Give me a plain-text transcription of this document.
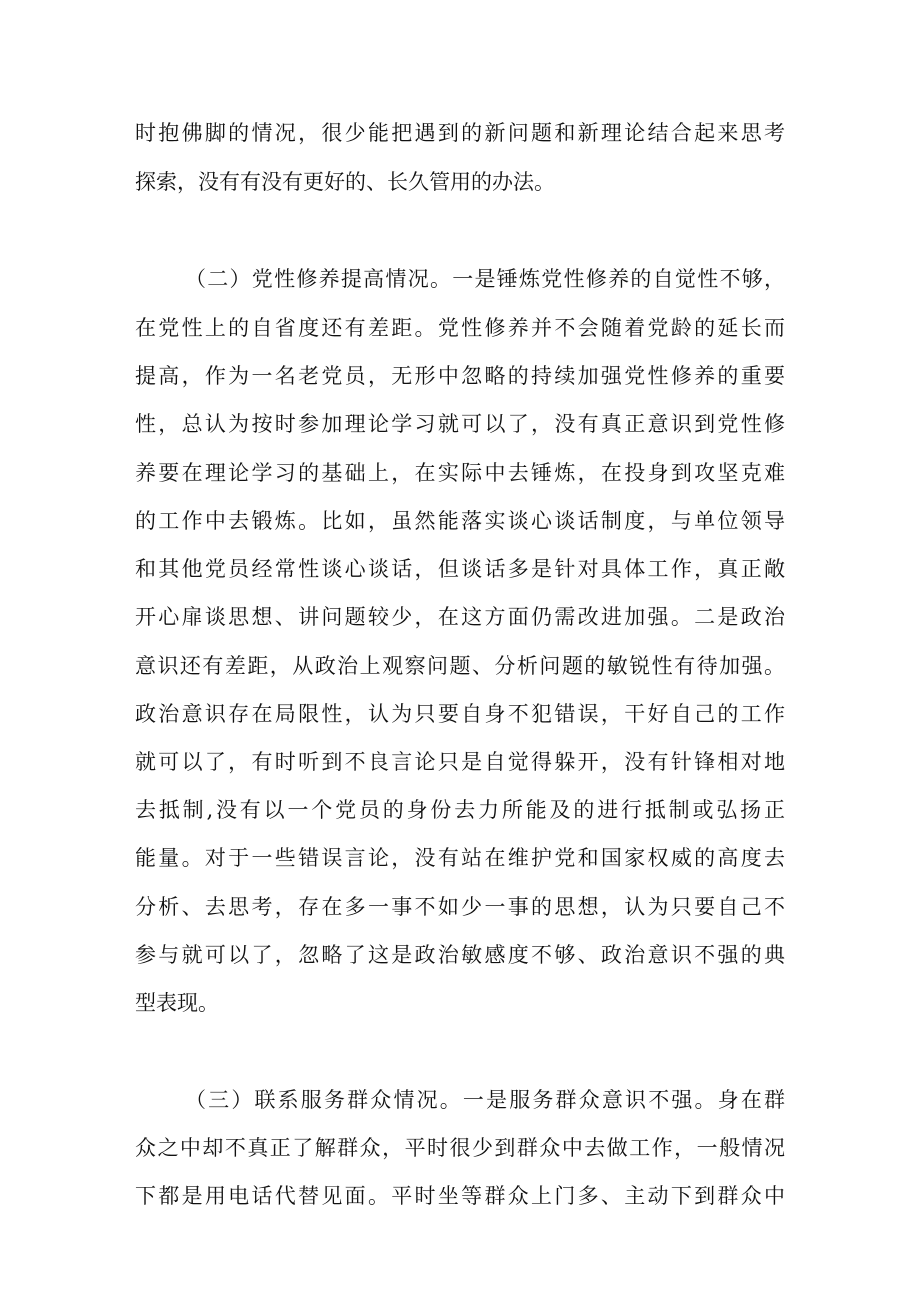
时抱佛脚的情况，很少能把遇到的新问题和新理论结合起来思考
探索，没有有没有更好的、长久管用的办法。
（二）党性修养提高情况。一是锤炼党性修养的自觉性不够，
在党性上的自省度还有差距。党性修养并不会随着党龄的延长而
提高，作为一名老党员，无形中忽略的持续加强党性修养的重要
性，总认为按时参加理论学习就可以了，没有真正意识到党性修
养要在理论学习的基础上，在实际中去锤炼，在投身到攻坚克难
的工作中去锻炼。比如，虽然能落实谈心谈话制度，与单位领导
和其他党员经常性谈心谈话，但谈话多是针对具体工作，真正敞
开心扉谈思想、讲问题较少，在这方面仍需改进加强。二是政治
意识还有差距，从政治上观察问题、分析问题的敏锐性有待加强。
政治意识存在局限性，认为只要自身不犯错误，干好自己的工作
就可以了，有时听到不良言论只是自觉得躲开，没有针锋相对地
去抵制,没有以一个党员的身份去力所能及的进行抵制或弘扬正
能量。对于一些错误言论，没有站在维护党和国家权威的高度去
分析、去思考，存在多一事不如少一事的思想，认为只要自己不
参与就可以了，忽略了这是政治敏感度不够、政治意识不强的典
型表现。
（三）联系服务群众情况。一是服务群众意识不强。身在群
众之中却不真正了解群众，平时很少到群众中去做工作，一般情况
下都是用电话代替见面。平时坐等群众上门多、主动下到群众中
